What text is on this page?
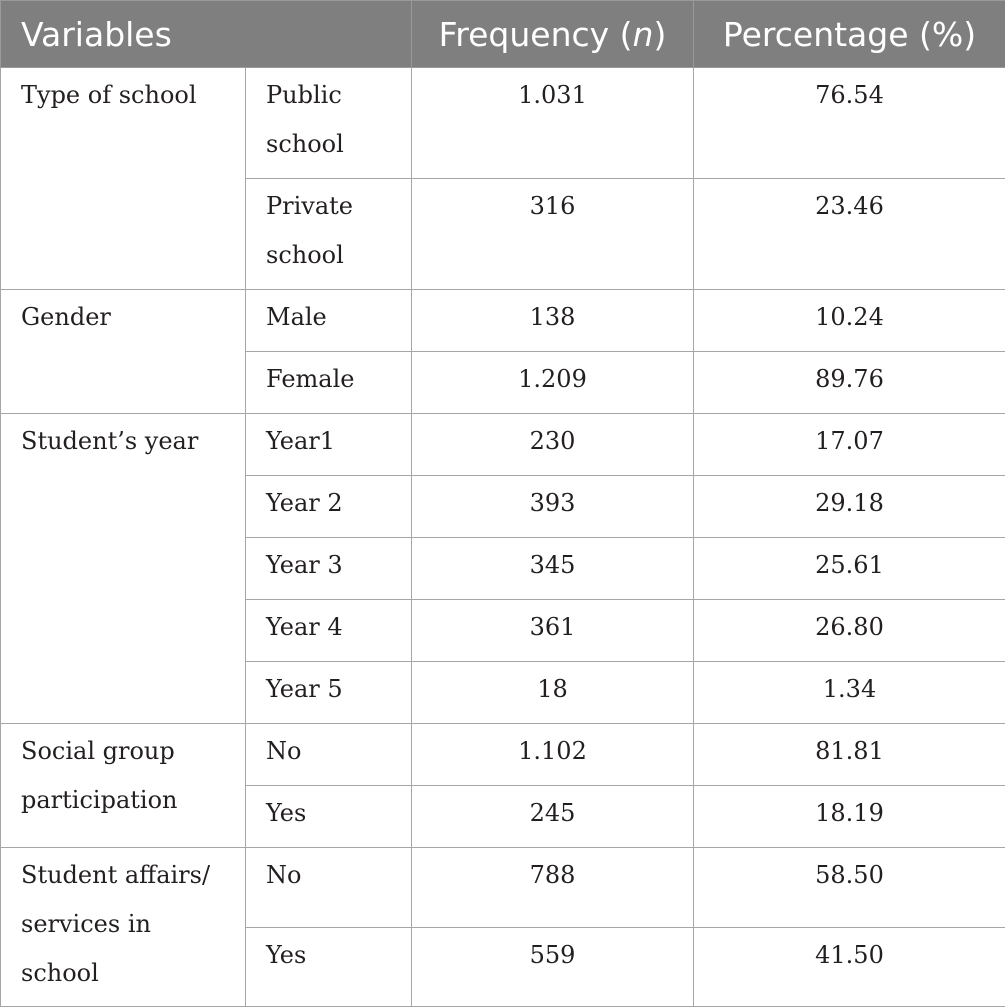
Variables		Frequency (n)	Percentage (%)
Type of school	Public school	1.031	76.54
	Private school	316	23.46
Gender	Male	138	10.24
	Female	1.209	89.76
Student’s year	Year1	230	17.07
	Year 2	393	29.18
	Year 3	345	25.61
	Year 4	361	26.80
	Year 5	18	1.34
Social group participation	No	1.102	81.81
	Yes	245	18.19
Student affairs/ services in school	No	788	58.50
	Yes	559	41.50
